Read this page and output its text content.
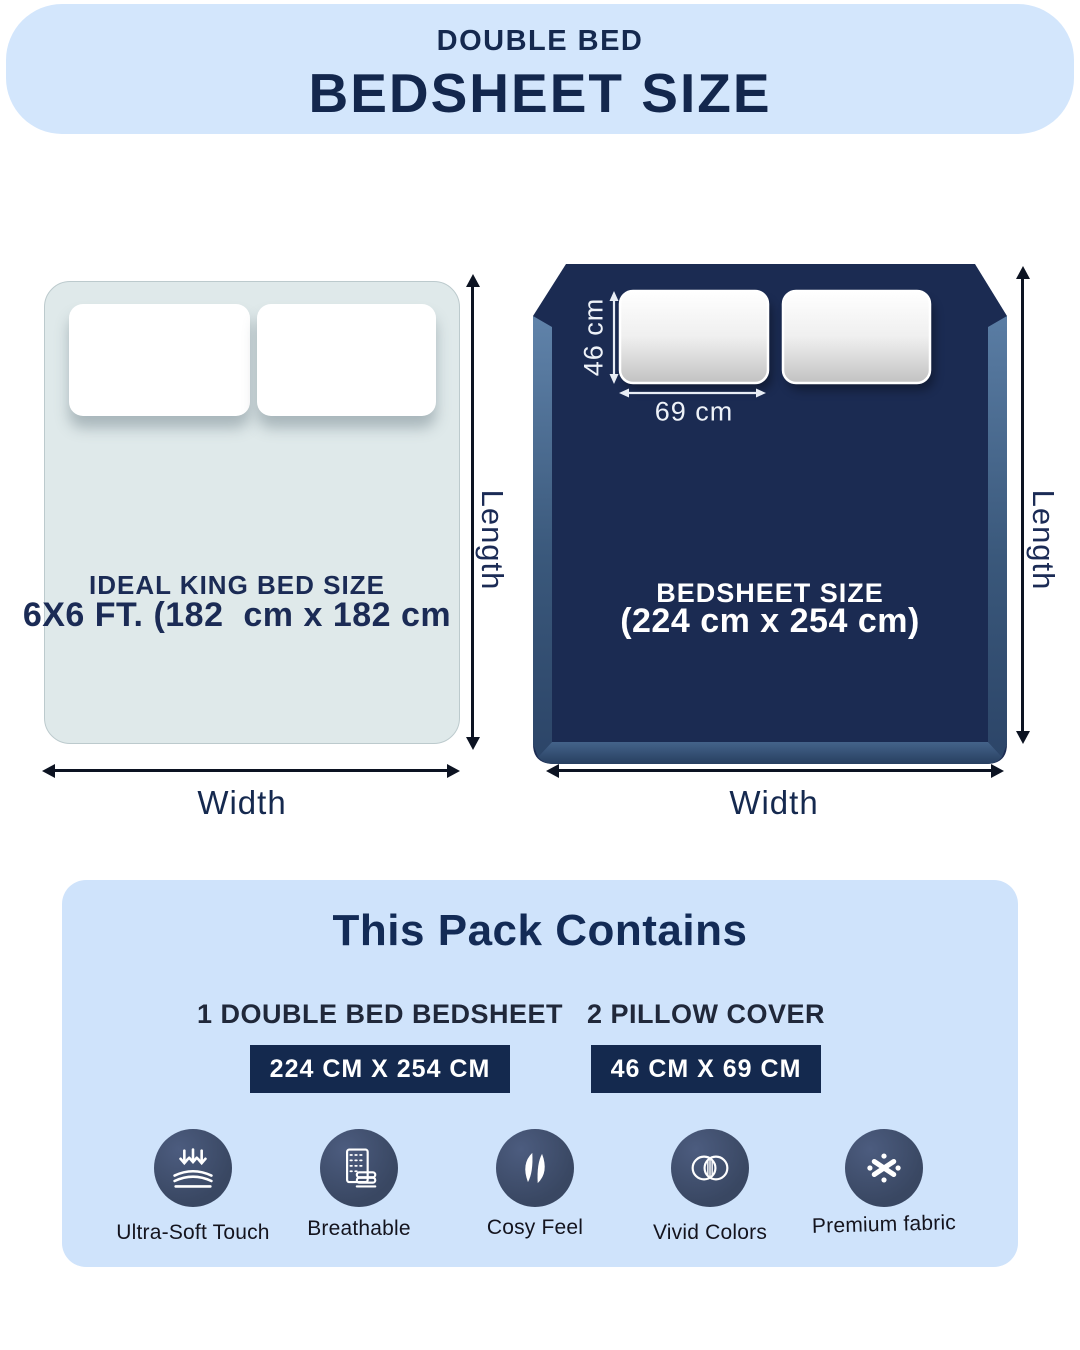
DOUBLE BED
BEDSHEET SIZE
IDEAL KING BED SIZE
6X6 FT. (182  cm x 182 cm
Length
Width
46 cm
69 cm
BEDSHEET SIZE
(224 cm x 254 cm)
Length
Width
This Pack Contains
1 DOUBLE BED BEDSHEET
224 CM X 254 CM
2 PILLOW COVER
46 CM X 69 CM
Ultra-Soft Touch	Breathable	Cosy Feel	Vivid Colors	Premium fabric
